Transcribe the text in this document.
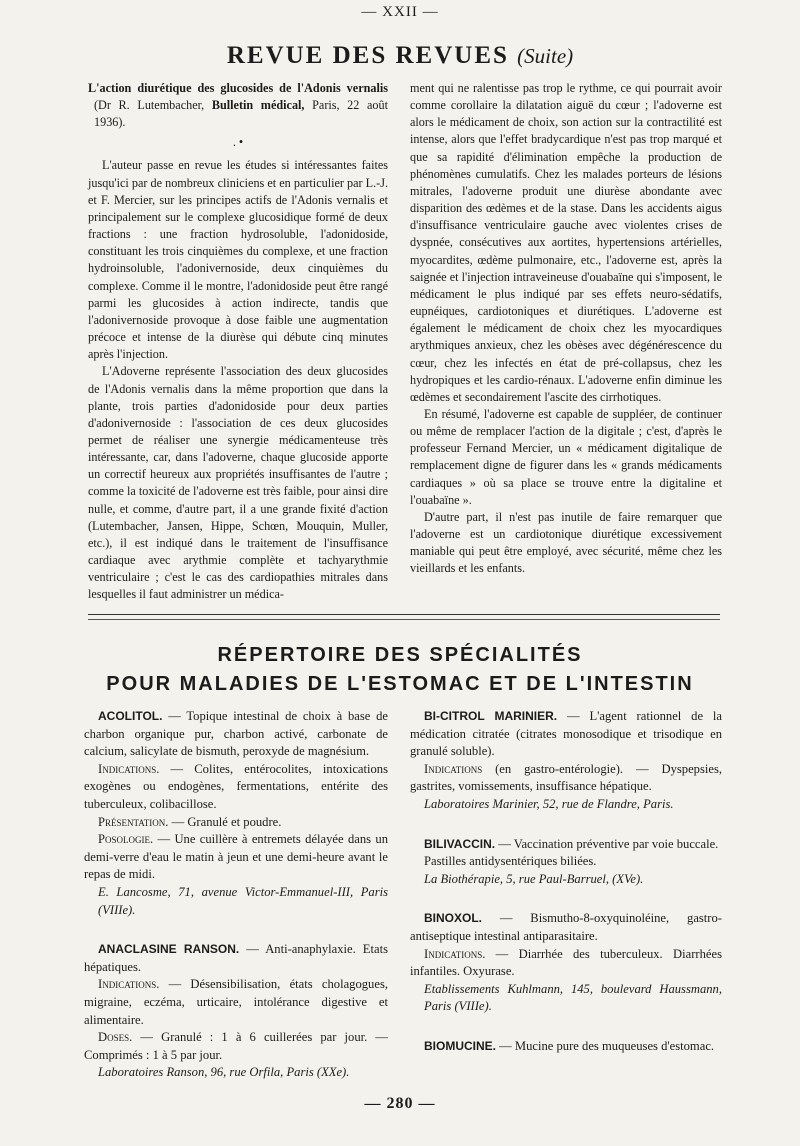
— XXII —
REVUE DES REVUES (Suite)

L'action diurétique des glucosides de l'Adonis vernalis (Dr R. Lutembacher, Bulletin médical, Paris, 22 août 1936).

. •

L'auteur passe en revue les études si intéressantes faites jusqu'ici par de nombreux cliniciens et en particulier par L.-J. et F. Mercier, sur les principes actifs de l'Adonis vernalis et principalement sur le complexe glucosidique formé de deux fractions : une fraction hydrosoluble, l'adonidoside, constituant les trois cinquièmes du complexe, et une fraction hydroinsoluble, l'adonivernoside, deux cinquièmes du complexe. Comme il le montre, l'adonidoside peut être rangé parmi les glucosides à action indirecte, tandis que l'adonivernoside provoque à dose faible une augmentation précoce et intense de la diurèse qui débute cinq minutes après l'injection.

L'Adoverne représente l'association des deux glucosides de l'Adonis vernalis dans la même proportion que dans la plante, trois parties d'adonidoside pour deux parties d'adonivernoside : l'association de ces deux glucosides permet de réaliser une synergie médicamenteuse très intéressante, car, dans l'adoverne, chaque glucoside apporte un correctif heureux aux propriétés insuffisantes de l'autre ; comme la toxicité de l'adoverne est très faible, pour ainsi dire nulle, et comme, d'autre part, il a une grande fixité d'action (Lutembacher, Jansen, Hippe, Schœn, Mouquin, Muller, etc.), il est indiqué dans le traitement de l'insuffisance cardiaque avec arythmie complète et tachyarythmie ventriculaire ; c'est le cas des cardiopathies mitrales dans lesquelles il faut administrer un médica-

ment qui ne ralentisse pas trop le rythme, ce qui pourrait avoir comme corollaire la dilatation aiguë du cœur ; l'adoverne est alors le médicament de choix, son action sur la contractilité est intense, alors que l'effet bradycardique n'est pas trop marqué et que sa rapidité d'élimination empêche la production de phénomènes cumulatifs. Chez les malades porteurs de lésions mitrales, l'adoverne produit une diurèse abondante avec disparition des œdèmes et de la stase. Dans les accidents aigus d'insuffisance ventriculaire gauche avec violentes crises de dyspnée, consécutives aux aortites, hypertensions artérielles, myocardites, œdème pulmonaire, etc., l'adoverne est, après la saignée et l'injection intraveineuse d'ouabaïne qui s'imposent, le médicament le plus indiqué par ses effets neuro-sédatifs, eupnéiques, cardiotoniques et diurétiques. L'adoverne est également le médicament de choix chez les myocardiques arythmiques anxieux, chez les obèses avec dégénérescence du cœur, chez les infectés en état de pré-collapsus, chez les hydropiques et les cardio-rénaux. L'adoverne enfin diminue les œdèmes et secondairement l'ascite des cirrhotiques.

En résumé, l'adoverne est capable de suppléer, de continuer ou même de remplacer l'action de la digitale ; c'est, d'après le professeur Fernand Mercier, un « médicament digitalique de remplacement digne de figurer dans les « grands médicaments cardiaques » où sa place se trouve entre la digitaline et l'ouabaïne ».

D'autre part, il n'est pas inutile de faire remarquer que l'adoverne est un cardiotonique diurétique excessivement maniable qui peut être employé, avec sécurité, même chez les vieillards et les enfants.

RÉPERTOIRE DES SPÉCIALITÉS
POUR MALADIES DE L'ESTOMAC ET DE L'INTESTIN

ACOLITOL. — Topique intestinal de choix à base de charbon organique pur, charbon activé, carbonate de calcium, salicylate de bismuth, peroxyde de magnésium.

Indications. — Colites, entérocolites, intoxications exogènes ou endogènes, fermentations, entérite des tuberculeux, colibacillose.

Présentation. — Granulé et poudre.

Posologie. — Une cuillère à entremets délayée dans un demi-verre d'eau le matin à jeun et une demi-heure avant le repas de midi.

E. Lancosme, 71, avenue Victor-Emmanuel-III, Paris (VIIIe).

ANACLASINE RANSON. — Anti-anaphylaxie. Etats hépatiques.

Indications. — Désensibilisation, états cholagogues, migraine, eczéma, urticaire, intolérance digestive et alimentaire.

Doses. — Granulé : 1 à 6 cuillerées par jour. — Comprimés : 1 à 5 par jour.

Laboratoires Ranson, 96, rue Orfila, Paris (XXe).

BI-CITROL MARINIER. — L'agent rationnel de la médication citratée (citrates monosodique et trisodique en granulé soluble).

Indications (en gastro-entérologie). — Dyspepsies, gastrites, vomissements, insuffisance hépatique.

Laboratoires Marinier, 52, rue de Flandre, Paris.

BILIVACCIN. — Vaccination préventive par voie buccale.

Pastilles antidysentériques biliées.

La Biothérapie, 5, rue Paul-Barruel, (XVe).

BINOXOL. — Bismutho-8-oxyquinoléine, gastro-antiseptique intestinal antiparasitaire.

Indications. — Diarrhée des tuberculeux. Diarrhées infantiles. Oxyurase.

Etablissements Kuhlmann, 145, boulevard Haussmann, Paris (VIIIe).

BIOMUCINE. — Mucine pure des muqueuses d'estomac.

— 280 —
